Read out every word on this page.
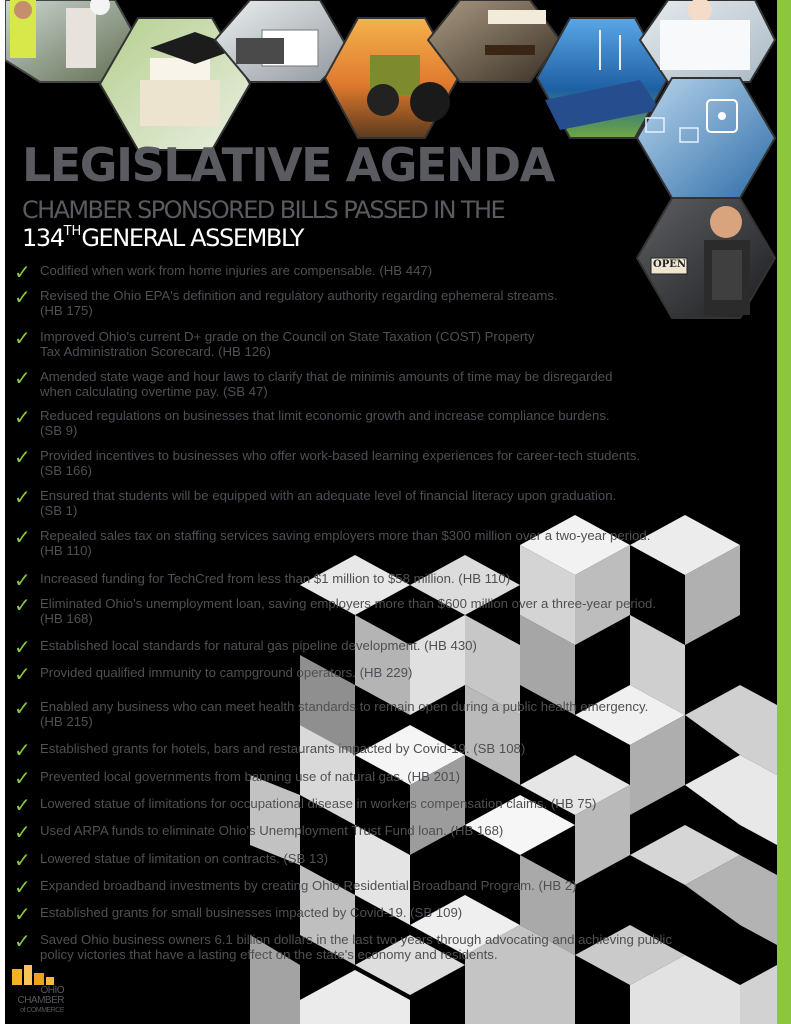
OPEN
LEGISLATIVE AGENDA
CHAMBER SPONSORED BILLS PASSED IN THE
134THGENERAL ASSEMBLY
✓ Codified when work from home injuries are compensable. (HB 447)
✓ Revised the Ohio EPA's definition and regulatory authority regarding ephemeral streams.
(HB 175)
✓ Improved Ohio's current D+ grade on the Council on State Taxation (COST) Property
Tax Administration Scorecard. (HB 126)
✓ Amended state wage and hour laws to clarify that de minimis amounts of time may be disregarded
when calculating overtime pay. (SB 47)
✓ Reduced regulations on businesses that limit economic growth and increase compliance burdens.
(SB 9)
✓ Provided incentives to businesses who offer work-based learning experiences for career-tech students.
(SB 166)
✓ Ensured that students will be equipped with an adequate level of financial literacy upon graduation.
(SB 1)
✓ Repealed sales tax on staffing services saving employers more than $300 million over a two-year period.
(HB 110)
✓ Increased funding for TechCred from less than $1 million to $58 million. (HB 110)
✓ Eliminated Ohio's unemployment loan, saving employers more than $600 million over a three-year period.
(HB 168)
✓ Established local standards for natural gas pipeline development. (HB 430)
✓ Provided qualified immunity to campground operators. (HB 229)
✓ Enabled any business who can meet health standards to remain open during a public health emergency.
(HB 215)
✓ Established grants for hotels, bars and restaurants impacted by Covid-19. (SB 108)
✓ Prevented local governments from banning use of natural gas. (HB 201)
✓ Lowered statue of limitations for occupational disease in workers compensation claims. (HB 75)
✓ Used ARPA funds to eliminate Ohio's Unemployment Trust Fund loan. (HB 168)
✓ Lowered statue of limitation on contracts. (SB 13)
✓ Expanded broadband investments by creating Ohio Residential Broadband Program. (HB 2)
✓ Established grants for small businesses impacted by Covid-19. (SB 109)
✓ Saved Ohio business owners 6.1 billion dollars in the last two years through advocating and achieving public
policy victories that have a lasting effect on the state's economy and residents.
OHIO
CHAMBER
of COMMERCE
